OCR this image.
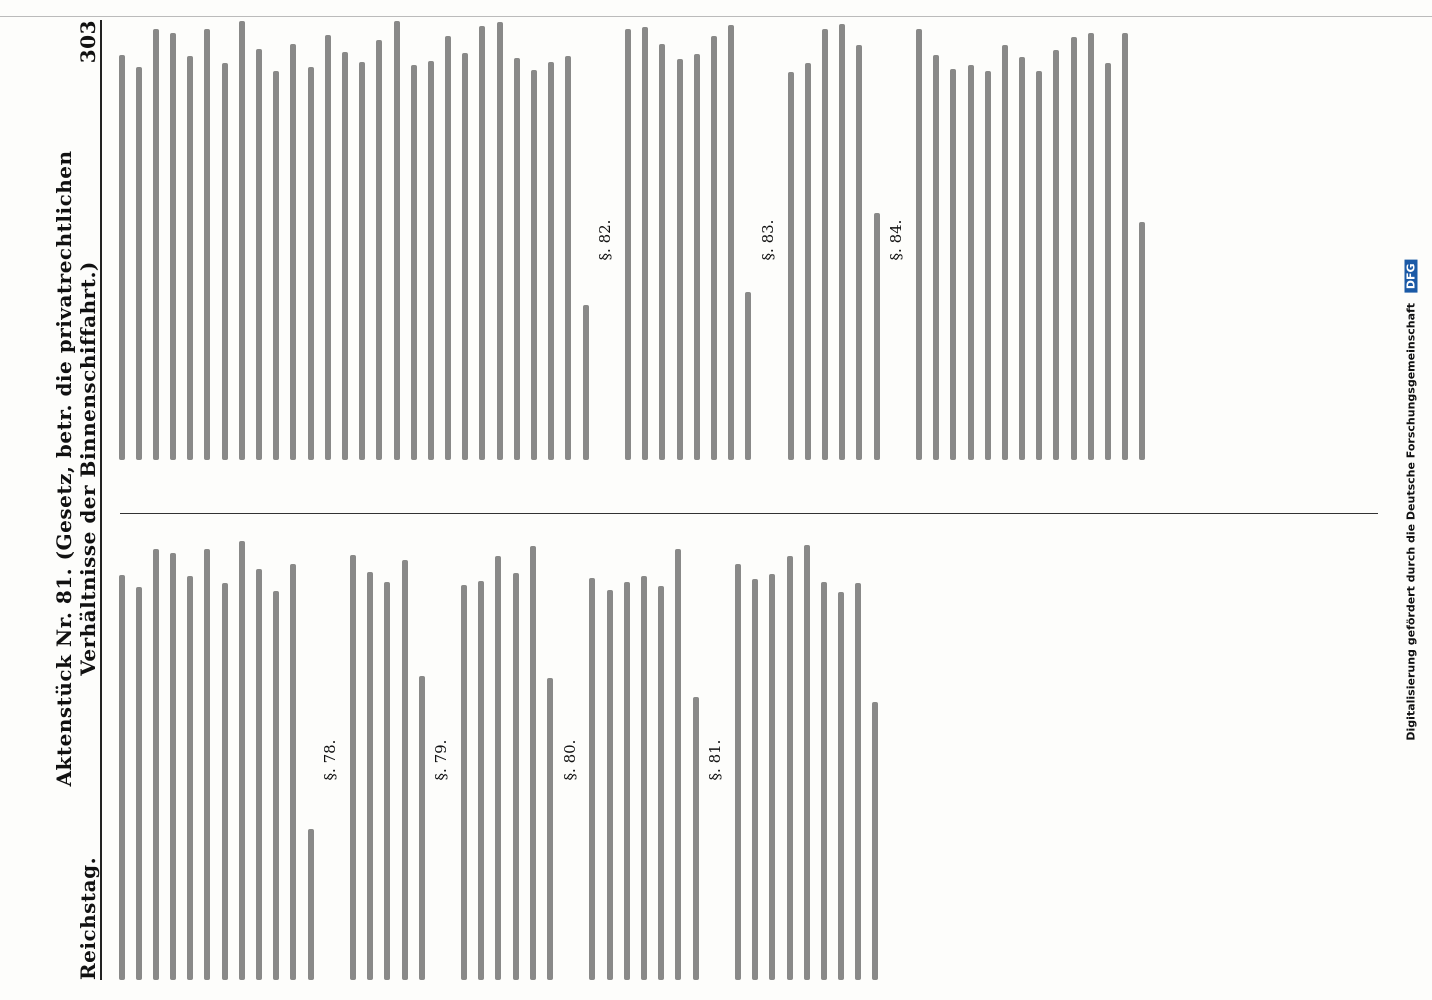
Reichstag.
Aktenstück Nr. 81. (Gesetz, betr. die privatrechtlichen Verhältnisse der Binnenschiffahrt.)
303
§. 78.	§. 79.	§. 80.	§. 81.
§. 82.	§. 83.	§. 84.
Digitalisierung gefördert durch die Deutsche Forschungsgemeinschaft DFG
